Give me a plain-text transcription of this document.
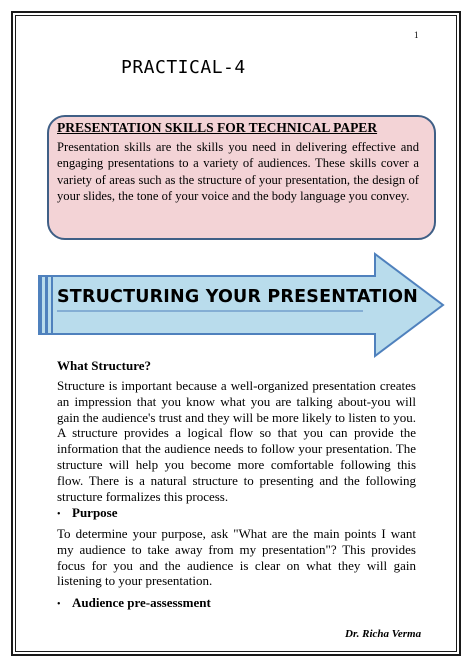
1
PRACTICAL-4
PRESENTATION SKILLS FOR TECHNICAL PAPER
Presentation skills are the skills you need in delivering effective and engaging presentations to a variety of audiences. These skills cover a variety of areas such as the structure of your presentation, the design of your slides, the tone of your voice and the body language you convey.
STRUCTURING YOUR PRESENTATION
What Structure?
Structure is important because a well-organized presentation creates an impression that you know what you are talking about-you will gain the audience's trust and they will be more likely to listen to you. A structure provides a logical flow so that you can provide the information that the audience needs to follow your presentation. The structure will help you become more comfortable following this flow. There is a natural structure to presenting and the following structure formalizes this process.
• Purpose
To determine your purpose, ask "What are the main points I want my audience to take away from my presentation"? This provides focus for you and the audience is clear on what they will gain listening to your presentation.
• Audience pre-assessment
Dr. Richa Verma
